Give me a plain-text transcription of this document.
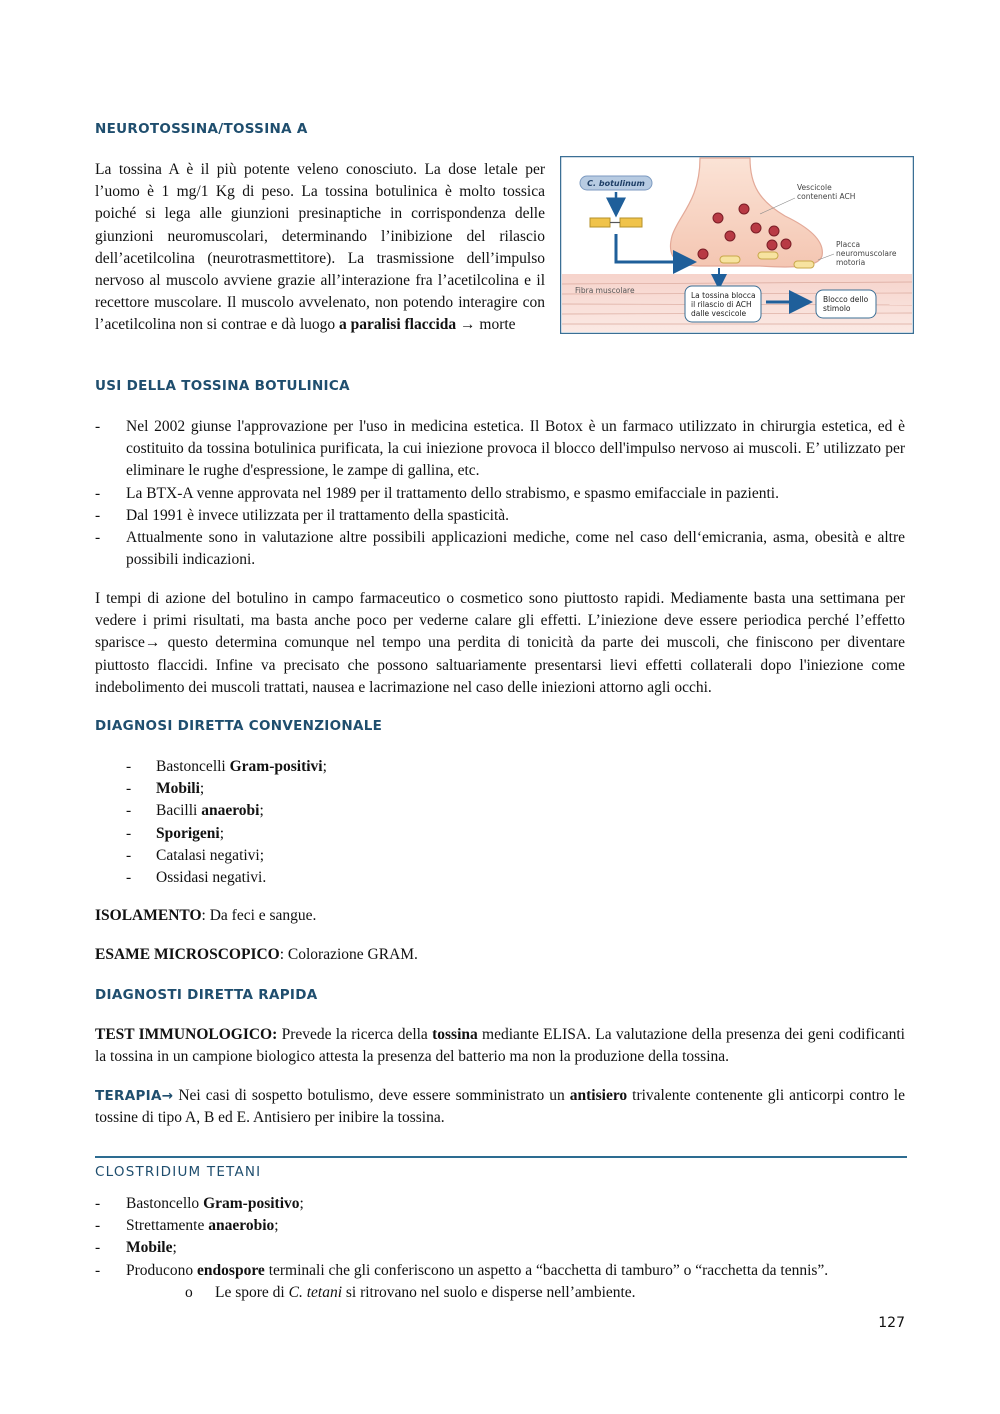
NEUROTOSSINA/TOSSINA A

La tossina A è il più potente veleno conosciuto. La dose letale per l’uomo è 1 mg/1 Kg di peso. La tossina botulinica è molto tossica poiché si lega alle giunzioni presinaptiche in corrispondenza delle giunzioni neuromuscolari, determinando l’inibizione del rilascio dell’acetilcolina (neurotrasmettitore). La trasmissione dell’impulso nervoso al muscolo avviene grazie all’interazione fra l’acetilcolina e il recettore muscolare. Il muscolo avvelenato, non potendo interagire con l’acetilcolina non si contrae e dà luogo a paralisi flaccida → morte

USI DELLA TOSSINA BOTULINICA
- Nel 2002 giunse l'approvazione per l'uso in medicina estetica. Il Botox è un farmaco utilizzato in chirurgia estetica, ed è costituito da tossina botulinica purificata, la cui iniezione provoca il blocco dell'impulso nervoso ai muscoli. E’ utilizzato per eliminare le rughe d'espressione, le zampe di gallina, etc.
- La BTX-A venne approvata nel 1989 per il trattamento dello strabismo, e spasmo emifacciale in pazienti.
- Dal 1991 è invece utilizzata per il trattamento della spasticità.
- Attualmente sono in valutazione altre possibili applicazioni mediche, come nel caso dell‘emicrania, asma, obesità e altre possibili indicazioni.

I tempi di azione del botulino in campo farmaceutico o cosmetico sono piuttosto rapidi. Mediamente basta una settimana per vedere i primi risultati, ma basta anche poco per vederne calare gli effetti. L’iniezione deve essere periodica perché l’effetto sparisce→ questo determina comunque nel tempo una perdita di tonicità da parte dei muscoli, che finiscono per diventare piuttosto flaccidi. Infine va precisato che possono saltuariamente presentarsi lievi effetti collaterali dopo l'iniezione come indebolimento dei muscoli trattati, nausea e lacrimazione nel caso delle iniezioni attorno agli occhi.

DIAGNOSI DIRETTA CONVENZIONALE
- Bastoncelli Gram-positivi;
- Mobili;
- Bacilli anaerobi;
- Sporigeni;
- Catalasi negativi;
- Ossidasi negativi.

ISOLAMENTO: Da feci e sangue.

ESAME MICROSCOPICO: Colorazione GRAM.

DIAGNOSTI DIRETTA RAPIDA

TEST IMMUNOLOGICO: Prevede la ricerca della tossina mediante ELISA. La valutazione della presenza dei geni codificanti la tossina in un campione biologico attesta la presenza del batterio ma non la produzione della tossina.

TERAPIA→ Nei casi di sospetto botulismo, deve essere somministrato un antisiero trivalente contenente gli anticorpi contro le tossine di tipo A, B ed E. Antisiero per inibire la tossina.

CLOSTRIDIUM TETANI
- Bastoncello Gram-positivo;
- Strettamente anaerobio;
- Mobile;
- Producono endospore terminali che gli conferiscono un aspetto a “bacchetta di tamburo” o “racchetta da tennis”.
o Le spore di C. tetani si ritrovano nel suolo e disperse nell’ambiente.
127
C. botulinum	Vescicole contenenti ACH
Placca neuromuscolare motoria
Fibra muscolare
La tossina blocca il rilascio di ACH dalle vescicole
Blocco dello stimolo
